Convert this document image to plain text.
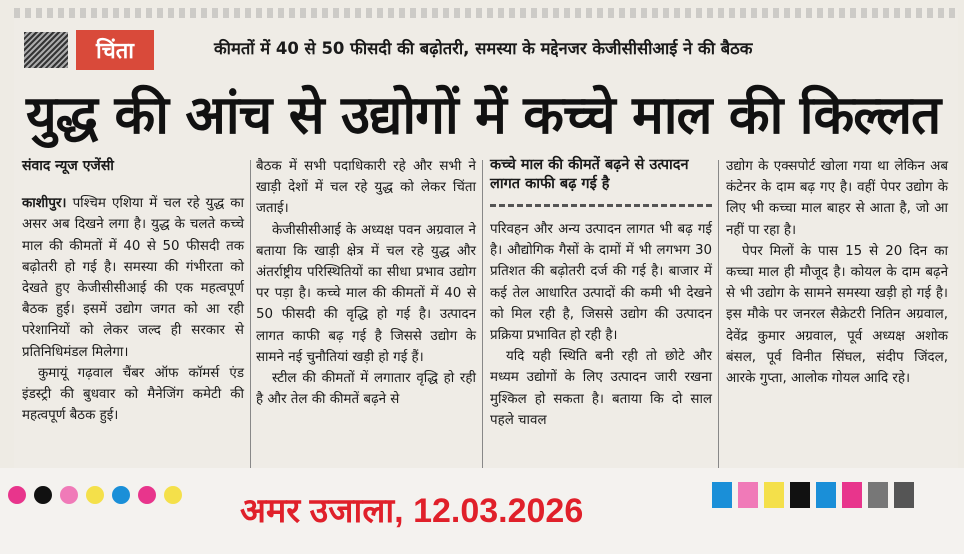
चिंता	कीमतों में 40 से 50 फीसदी की बढ़ोतरी, समस्या के मद्देनजर केजीसीसीआई ने की बैठक
युद्ध की आंच से उद्योगों में कच्चे माल की किल्लत

संवाद न्यूज एजेंसी

काशीपुर। पश्चिम एशिया में चल रहे युद्ध का असर अब दिखने लगा है। युद्ध के चलते कच्चे माल की कीमतों में 40 से 50 फीसदी तक बढ़ोतरी हो गई है। समस्या की गंभीरता को देखते हुए केजीसीसीआई की एक महत्वपूर्ण बैठक हुई। इसमें उद्योग जगत को आ रही परेशानियों को लेकर जल्द ही सरकार से प्रतिनिधिमंडल मिलेगा।

कुमायूं गढ़वाल चैंबर ऑफ कॉमर्स एंड इंडस्ट्री की बुधवार को मैनेजिंग कमेटी की महत्वपूर्ण बैठक हुई।

बैठक में सभी पदाधिकारी रहे और सभी ने खाड़ी देशों में चल रहे युद्ध को लेकर चिंता जताई।

केजीसीसीआई के अध्यक्ष पवन अग्रवाल ने बताया कि खाड़ी क्षेत्र में चल रहे युद्ध और अंतर्राष्ट्रीय परिस्थितियों का सीधा प्रभाव उद्योग पर पड़ा है। कच्चे माल की कीमतों में 40 से 50 फीसदी की वृद्धि हो गई है। उत्पादन लागत काफी बढ़ गई है जिससे उद्योग के सामने नई चुनौतियां खड़ी हो गई हैं।

स्टील की कीमतों में लगातार वृद्धि हो रही है और तेल की कीमतें बढ़ने से

कच्चे माल की कीमतें बढ़ने से उत्पादन लागत काफी बढ़ गई है

परिवहन और अन्य उत्पादन लागत भी बढ़ गई है। औद्योगिक गैसों के दामों में भी लगभग 30 प्रतिशत की बढ़ोतरी दर्ज की गई है। बाजार में कई तेल आधारित उत्पादों की कमी भी देखने को मिल रही है, जिससे उद्योग की उत्पादन प्रक्रिया प्रभावित हो रही है।

यदि यही स्थिति बनी रही तो छोटे और मध्यम उद्योगों के लिए उत्पादन जारी रखना मुश्किल हो सकता है। बताया कि दो साल पहले चावल

उद्योग के एक्सपोर्ट खोला गया था लेकिन अब कंटेनर के दाम बढ़ गए है। वहीं पेपर उद्योग के लिए भी कच्चा माल बाहर से आता है, जो आ नहीं पा रहा है।

पेपर मिलों के पास 15 से 20 दिन का कच्चा माल ही मौजूद है। कोयल के दाम बढ़ने से भी उद्योग के सामने समस्या खड़ी हो गई है। इस मौके पर जनरल सैक्रेटरी नितिन अग्रवाल, देवेंद्र कुमार अग्रवाल, पूर्व अध्यक्ष अशोक बंसल, पूर्व विनीत सिंघल, संदीप जिंदल, आरके गुप्ता, आलोक गोयल आदि रहे।

अमर उजाला, 12.03.2026
